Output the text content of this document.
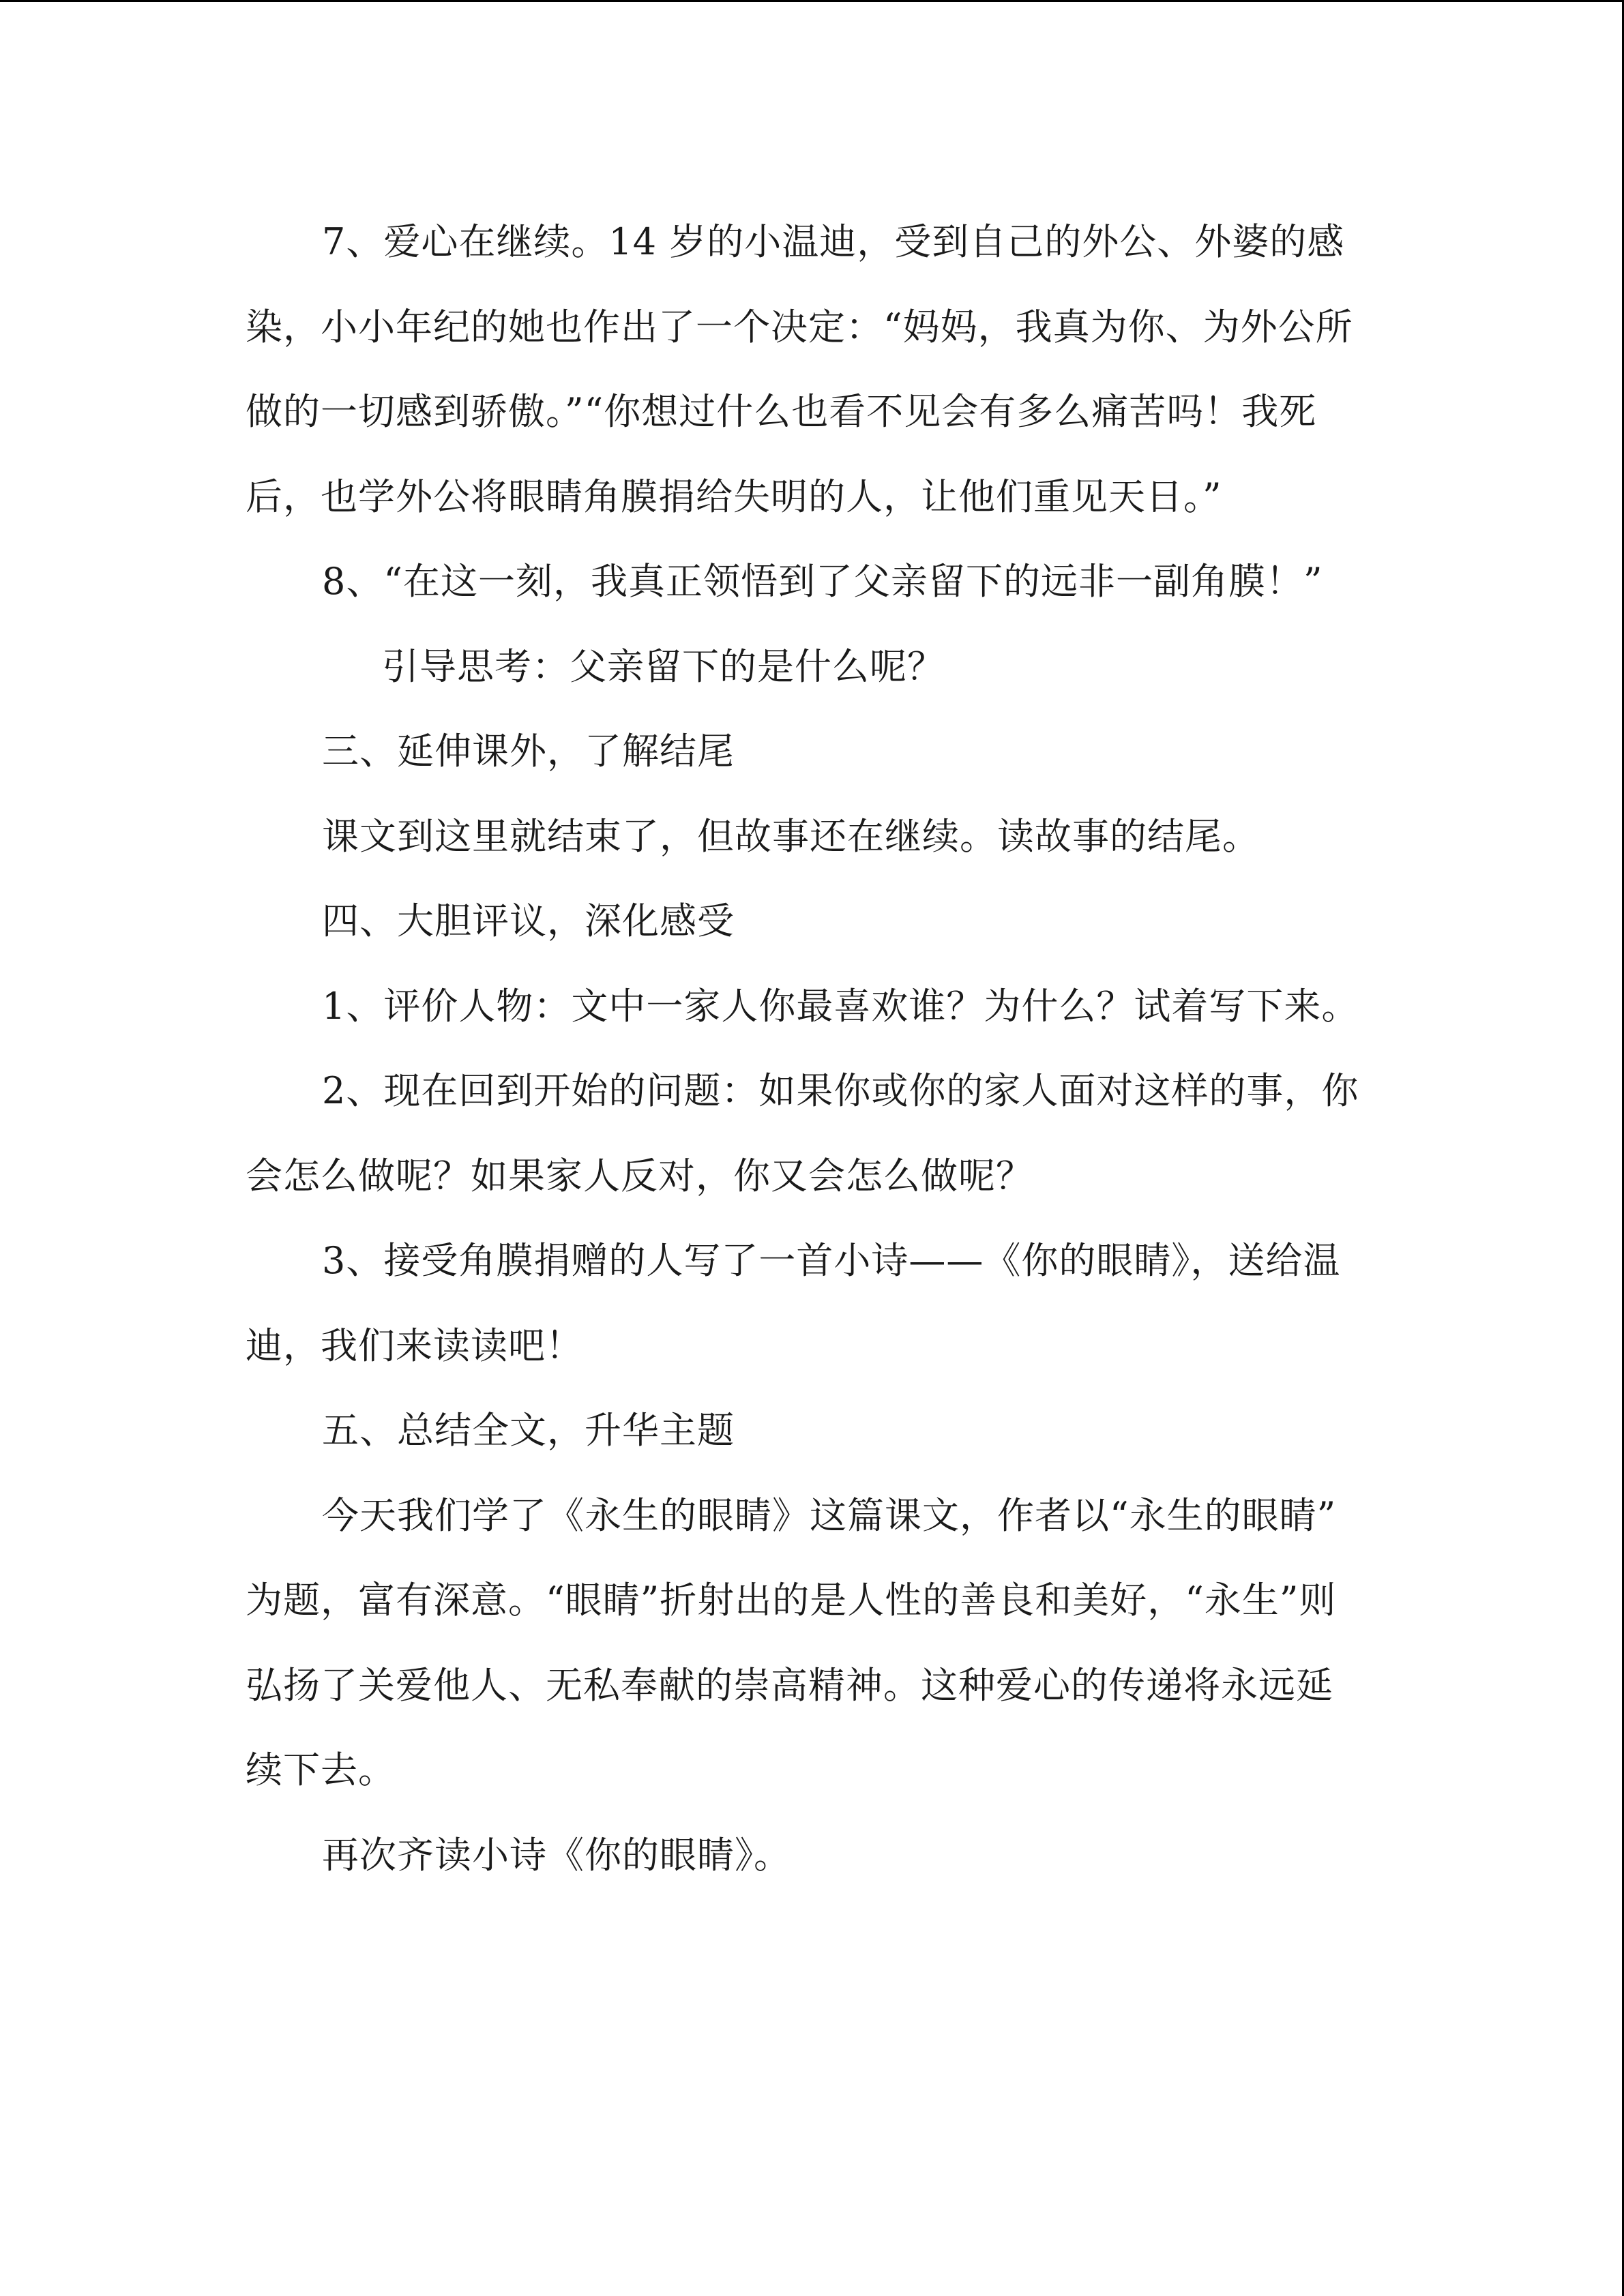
7、爱心在继续。14 岁的小温迪，受到自己的外公、外婆的感
染，小小年纪的她也作出了一个决定：“妈妈，我真为你、为外公所
做的一切感到骄傲。”“你想过什么也看不见会有多么痛苦吗！我死
后，也学外公将眼睛角膜捐给失明的人，让他们重见天日。”
8、“在这一刻，我真正领悟到了父亲留下的远非一副角膜！”
引导思考：父亲留下的是什么呢？
三、延伸课外，了解结尾
课文到这里就结束了，但故事还在继续。读故事的结尾。
四、大胆评议，深化感受
1、评价人物：文中一家人你最喜欢谁？为什么？试着写下来。
2、现在回到开始的问题：如果你或你的家人面对这样的事，你
会怎么做呢？如果家人反对，你又会怎么做呢？
3、接受角膜捐赠的人写了一首小诗——《你的眼睛》，送给温
迪，我们来读读吧！
五、总结全文，升华主题
今天我们学了《永生的眼睛》这篇课文，作者以“永生的眼睛”
为题，富有深意。“眼睛”折射出的是人性的善良和美好，“永生”则
弘扬了关爱他人、无私奉献的崇高精神。这种爱心的传递将永远延
续下去。
再次齐读小诗《你的眼睛》。
